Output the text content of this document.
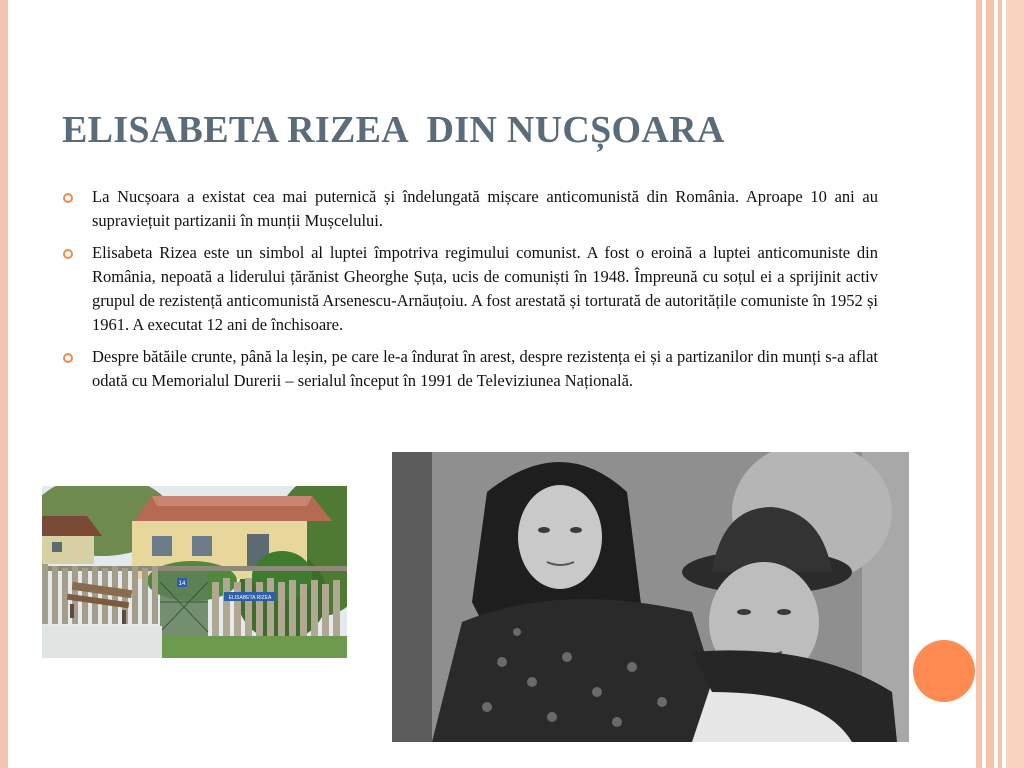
ELISABETA RIZEA  DIN NUCȘOARA
La Nucșoara a existat cea mai puternică și îndelungată mișcare anticomunistă din România. Aproape 10 ani au supraviețuit partizanii în munții Mușcelului.
Elisabeta Rizea este un simbol al luptei împotriva regimului comunist. A fost o eroină a luptei anticomuniste din România, nepoată a liderului țărănist Gheorghe Șuța, ucis de comuniști în 1948. Împreună cu soțul ei a sprijinit activ grupul de rezistență anticomunistă Arsenescu-Arnăuțoiu. A fost arestată și torturată de autoritățile comuniste în 1952 și 1961. A executat 12 ani de închisoare.
Despre bătăile crunte, până la leșin, pe care le-a îndurat în arest, despre rezistența ei și a partizanilor din munți s-a aflat odată cu Memorialul Durerii – serialul început în 1991 de Televiziunea Națională.
14
ELISABETA RIZEA
